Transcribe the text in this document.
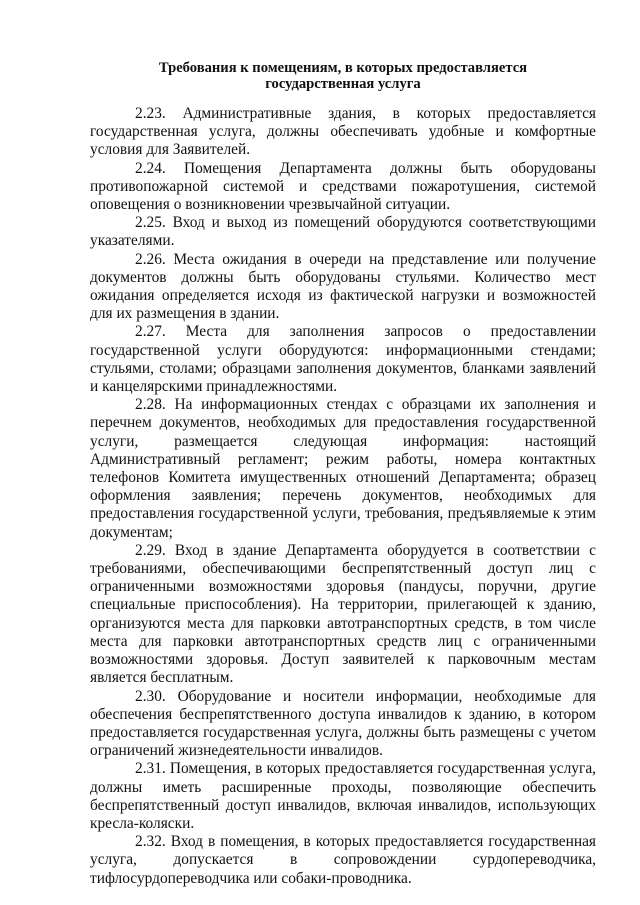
Требования к помещениям, в которых предоставляется
государственная услуга

2.23. Административные здания, в которых предоставляется государственная услуга, должны обеспечивать удобные и комфортные условия для Заявителей.

2.24. Помещения Департамента должны быть оборудованы противопожарной системой и средствами пожаротушения, системой оповещения о возникновении чрезвычайной ситуации.

2.25. Вход и выход из помещений оборудуются соответствующими указателями.

2.26. Места ожидания в очереди на представление или получение документов должны быть оборудованы стульями. Количество мест ожидания определяется исходя из фактической нагрузки и возможностей для их размещения в здании.

2.27. Места для заполнения запросов о предоставлении государственной услуги оборудуются: информационными стендами; стульями, столами; образцами заполнения документов, бланками заявлений и канцелярскими принадлежностями.

2.28. На информационных стендах с образцами их заполнения и перечнем документов, необходимых для предоставления государственной услуги, размещается следующая информация: настоящий Административный регламент; режим работы, номера контактных телефонов Комитета имущественных отношений Департамента; образец оформления заявления; перечень документов, необходимых для предоставления государственной услуги, требования, предъявляемые к этим документам;

2.29. Вход в здание Департамента оборудуется в соответствии с требованиями, обеспечивающими беспрепятственный доступ лиц с ограниченными возможностями здоровья (пандусы, поручни, другие специальные приспособления). На территории, прилегающей к зданию, организуются места для парковки автотранспортных средств, в том числе места для парковки автотранспортных средств лиц с ограниченными возможностями здоровья. Доступ заявителей к парковочным местам является бесплатным.

2.30. Оборудование и носители информации, необходимые для обеспечения беспрепятственного доступа инвалидов к зданию, в котором предоставляется государственная услуга, должны быть размещены с учетом ограничений жизнедеятельности инвалидов.

2.31. Помещения, в которых предоставляется государственная услуга, должны иметь расширенные проходы, позволяющие обеспечить беспрепятственный доступ инвалидов, включая инвалидов, использующих кресла-коляски.

2.32. Вход в помещения, в которых предоставляется государственная услуга, допускается в сопровождении сурдопереводчика, тифлосурдопереводчика или собаки-проводника.
